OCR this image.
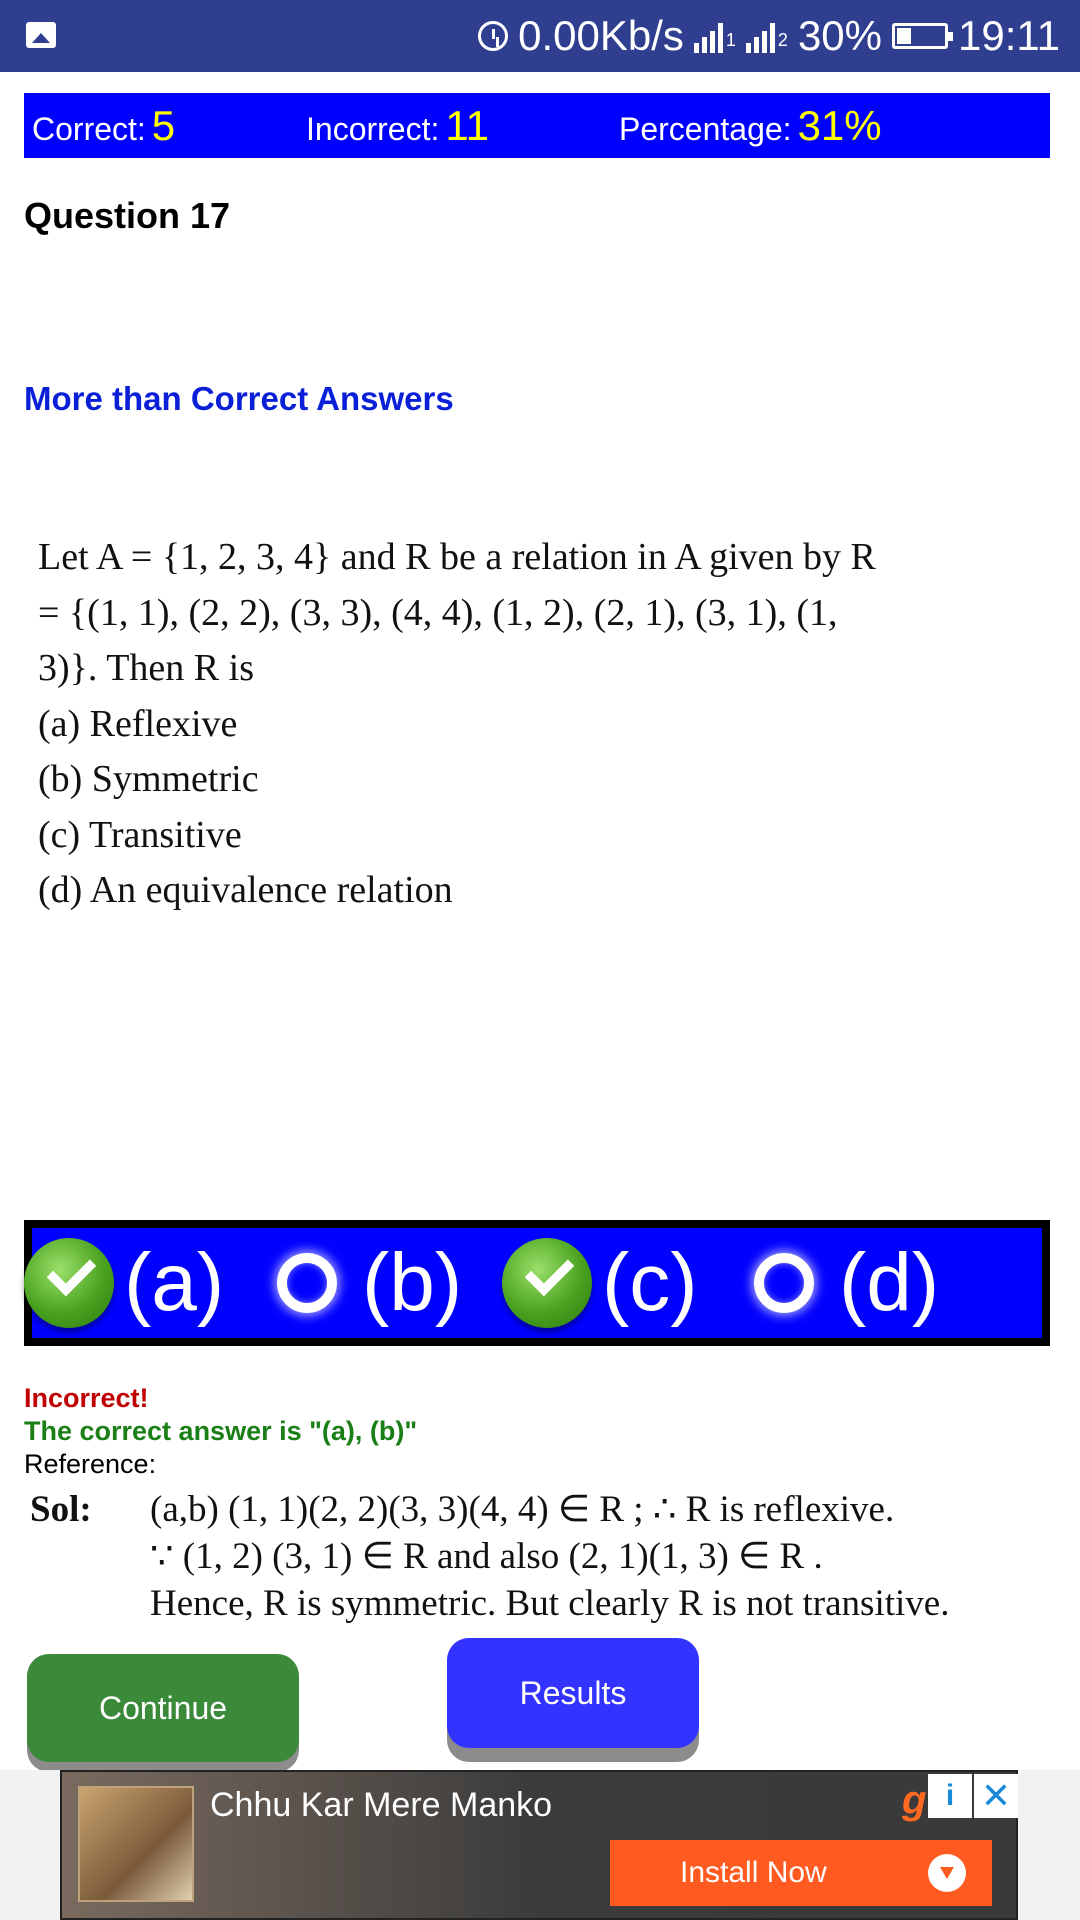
0.00Kb/s 1 2 30% 19:11
Correct: 5	Incorrect: 11	Percentage: 31%
Question 17
More than Correct Answers
Let A = {1, 2, 3, 4} and R be a relation in A given by R
= {(1, 1), (2, 2), (3, 3), (4, 4), (1, 2), (2, 1), (3, 1), (1,
3)}. Then R is
(a) Reflexive
(b) Symmetric
(c) Transitive
(d) An equivalence relation
(a) (b) (c) (d)
Incorrect!
The correct answer is "(a), (b)"
Reference:
Sol: (a,b) (1, 1)(2, 2)(3, 3)(4, 4) ∈ R ; ∴ R is reflexive.
∵ (1, 2) (3, 1) ∈ R and also (2, 1)(1, 3) ∈ R .
Hence, R is symmetric. But clearly R is not transitive.
Continue	Results
Chhu Kar Mere Manko	g i ✕
Install Now
